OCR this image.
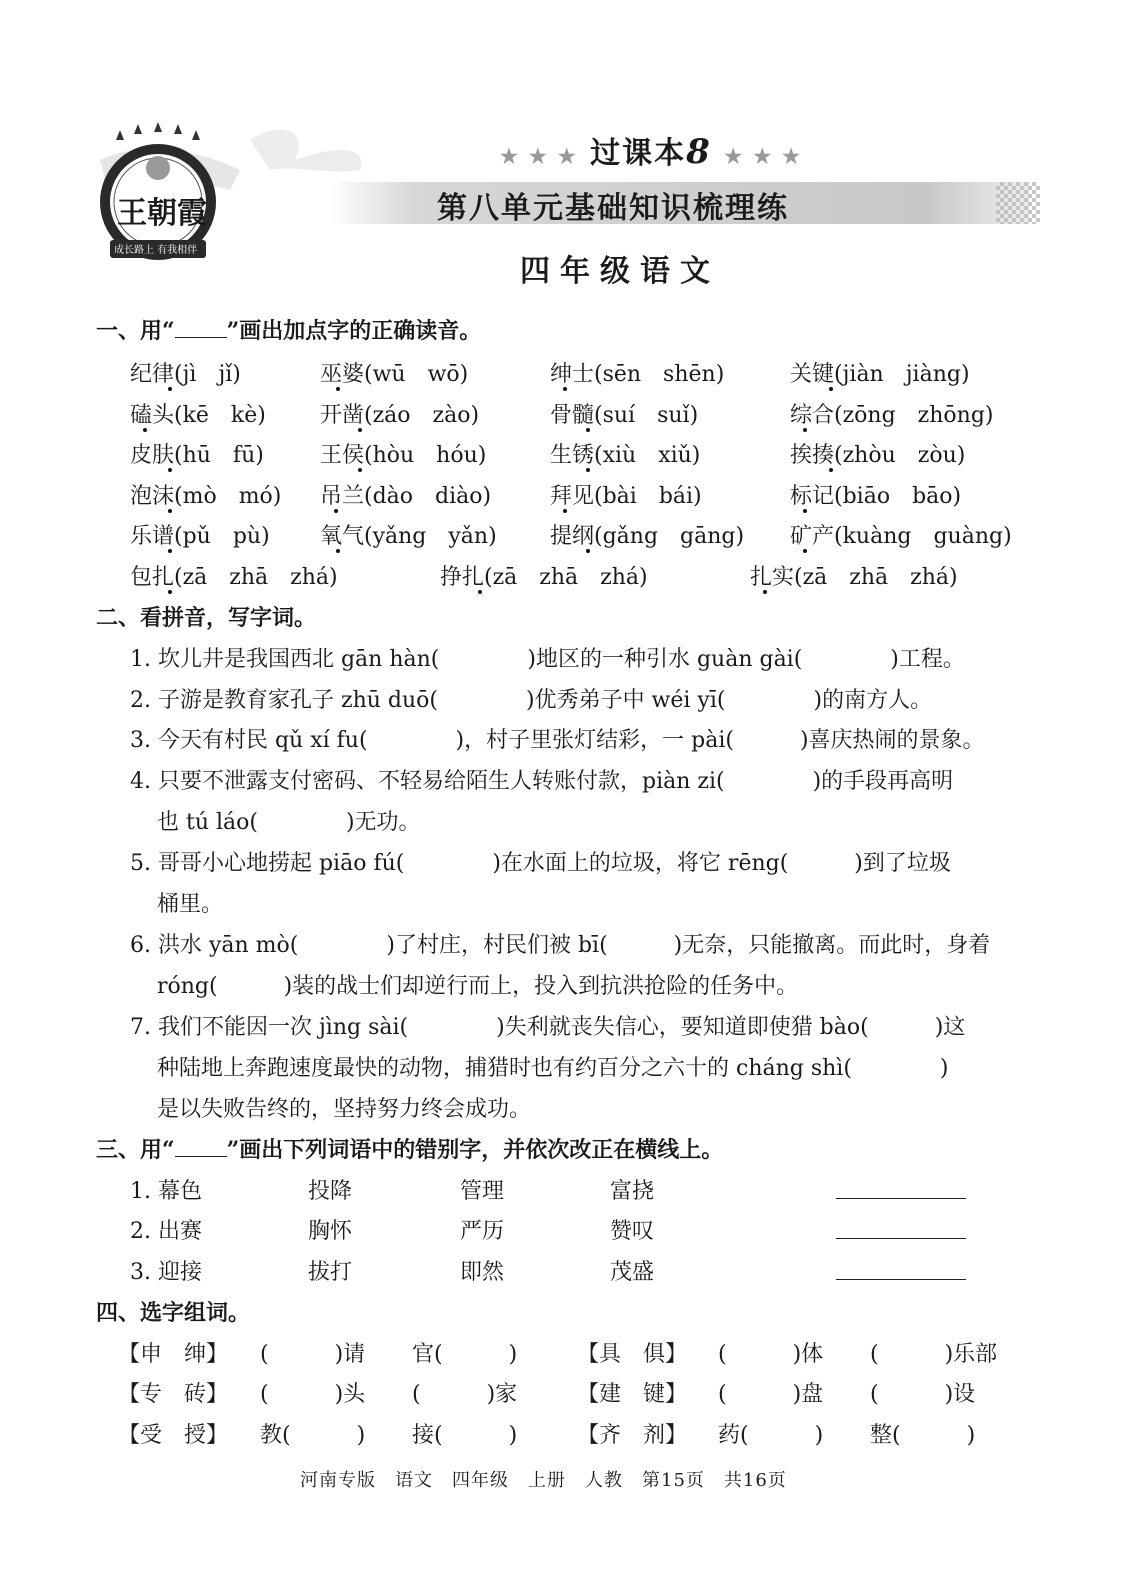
王朝霞
成长路上 有我相伴
★ ★ ★ 过课本8 ★ ★ ★
第八单元基础知识梳理练
四年级语文
一、用“ ”画出加点字的正确读音。
纪律(jì　jǐ)	巫婆(wū　wō)	绅士(sēn　shēn)	关键(jiàn　jiàng)
磕头(kē　kè) 开凿(záo　zào)	骨髓(suí　suǐ)	综合(zōng　zhōng)
皮肤(hū　fū)	王侯(hòu　hóu)	生锈(xiù　xiǔ)	挨揍(zhòu　zòu)
泡沫(mò　mó) 吊兰(dào　diào)	拜见(bài　bái)	标记(biāo　bāo)
乐谱(pǔ　pù) 氧气(yǎng　yǎn) 提纲(gǎng　gāng) 矿产(kuàng　guàng)
包扎(zā　zhā　zhá)	挣扎(zā　zhā　zhá)	扎实(zā　zhā　zhá)
二、看拼音，写字词。
1. 坎儿井是我国西北 gān hàn(　　　　)地区的一种引水 guàn gài(　　　　)工程。
2. 子游是教育家孔子 zhū duō(　　　　)优秀弟子中 wéi yī(　　　　)的南方人。
3. 今天有村民 qǔ xí fu(　　　　)，村子里张灯结彩，一 pài(　　　)喜庆热闹的景象。
4. 只要不泄露支付密码、不轻易给陌生人转账付款，piàn zi(　　　　)的手段再高明
也 tú láo(　　　　)无功。
5. 哥哥小心地捞起 piāo fú(　　　　)在水面上的垃圾，将它 rēng(　　　)到了垃圾
桶里。
6. 洪水 yān mò(　　　　)了村庄，村民们被 bī(　　　)无奈，只能撤离。而此时，身着
róng(　　　)装的战士们却逆行而上，投入到抗洪抢险的任务中。
7. 我们不能因一次 jìng sài(　　　　)失利就丧失信心，要知道即使猎 bào(　　　)这
种陆地上奔跑速度最快的动物，捕猎时也有约百分之六十的 cháng shì(　　　　)
是以失败告终的，坚持努力终会成功。
三、用“ ”画出下列词语中的错别字，并依次改正在横线上。
1. 幕色	投降	管理	富挠
2. 出赛	胸怀	严历	赞叹
3. 迎接	拔打	即然	茂盛
四、选字组词。
【申　绅】 (　　　)请 官(　　　)	【具　俱】 (　　　)体 (　　　)乐部
【专　砖】 (　　　)头 (　　　)家	【建　键】 (　　　)盘 (　　　)设
【受　授】 教(　　　) 接(　　　)	【齐　剂】 药(　　　) 整(　　　)
河南专版　语文　四年级　上册　人教　第15页　共16页
